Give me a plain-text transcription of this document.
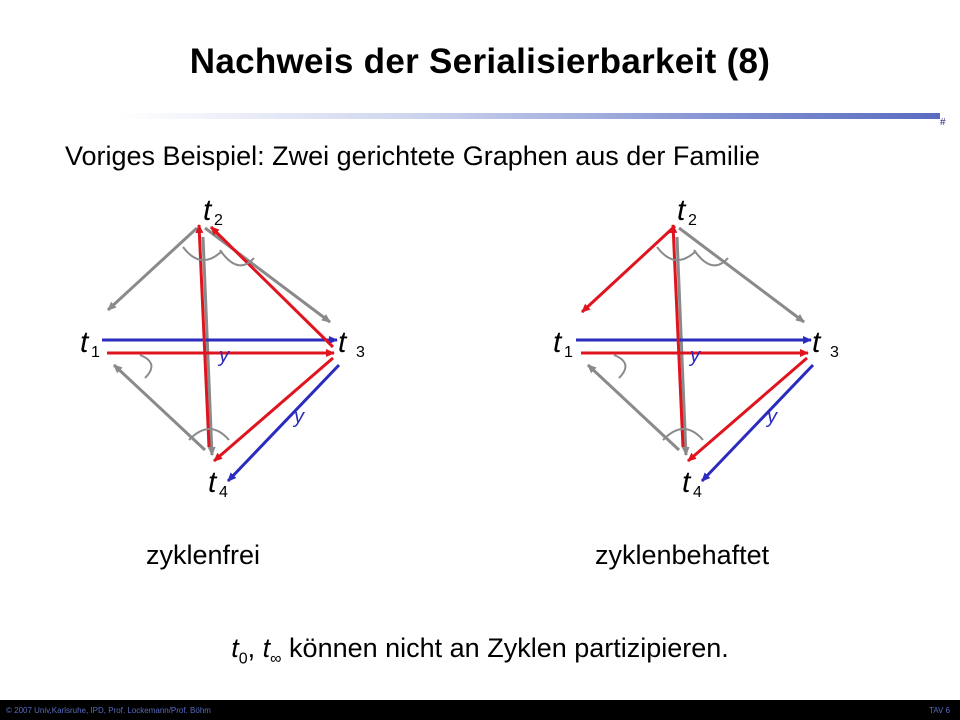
Nachweis der Serialisierbarkeit (8)
#
Voriges Beispiel: Zwei gerichtete Graphen aus der Familie
t 2
t 1	t 3
t 4
y
y
t 2
t 1	t 3
t 4
y
y
zyklenfrei	zyklenbehaftet
$t_0$, $t_\infty$ können nicht an Zyklen partizipieren.
© 2007 Univ,Karlsruhe, IPD, Prof. Lockemann/Prof. Böhm	TAV 6
